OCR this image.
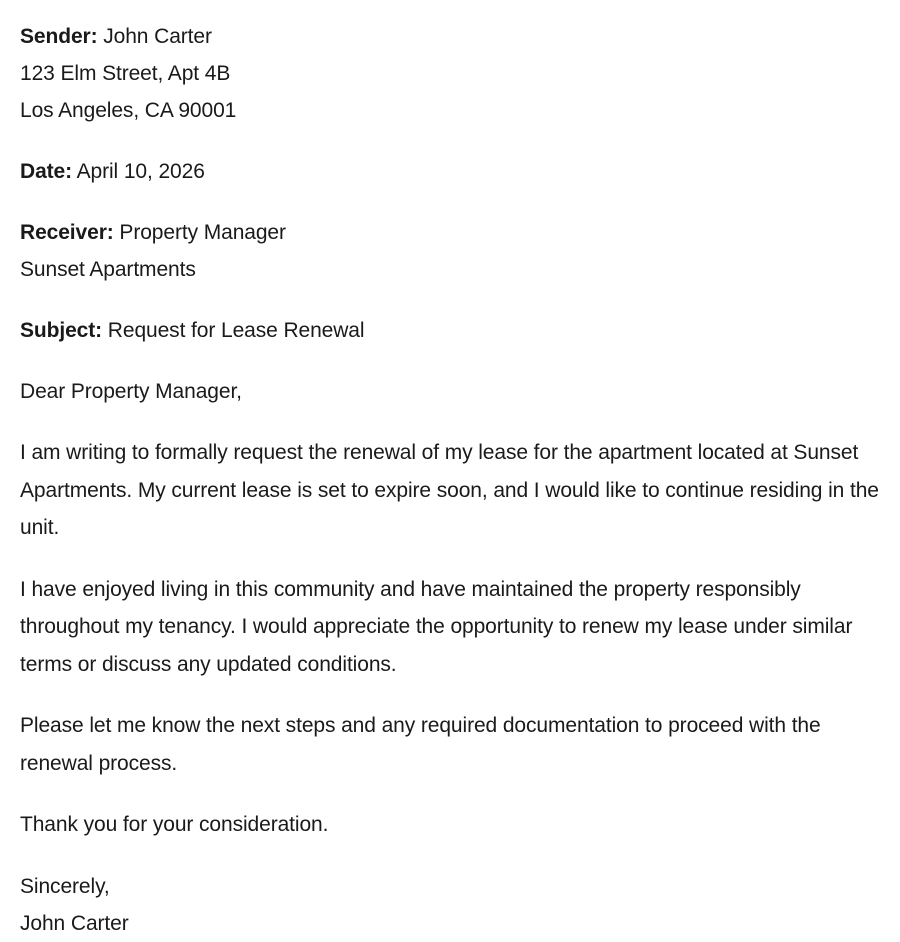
Sender: John Carter
123 Elm Street, Apt 4B
Los Angeles, CA 90001
Date: April 10, 2026
Receiver: Property Manager
Sunset Apartments
Subject: Request for Lease Renewal
Dear Property Manager,

I am writing to formally request the renewal of my lease for the apartment located at Sunset Apartments. My current lease is set to expire soon, and I would like to continue residing in the unit.

I have enjoyed living in this community and have maintained the property responsibly throughout my tenancy. I would appreciate the opportunity to renew my lease under similar terms or discuss any updated conditions.

Please let me know the next steps and any required documentation to proceed with the renewal process.

Thank you for your consideration.

Sincerely,
John Carter
